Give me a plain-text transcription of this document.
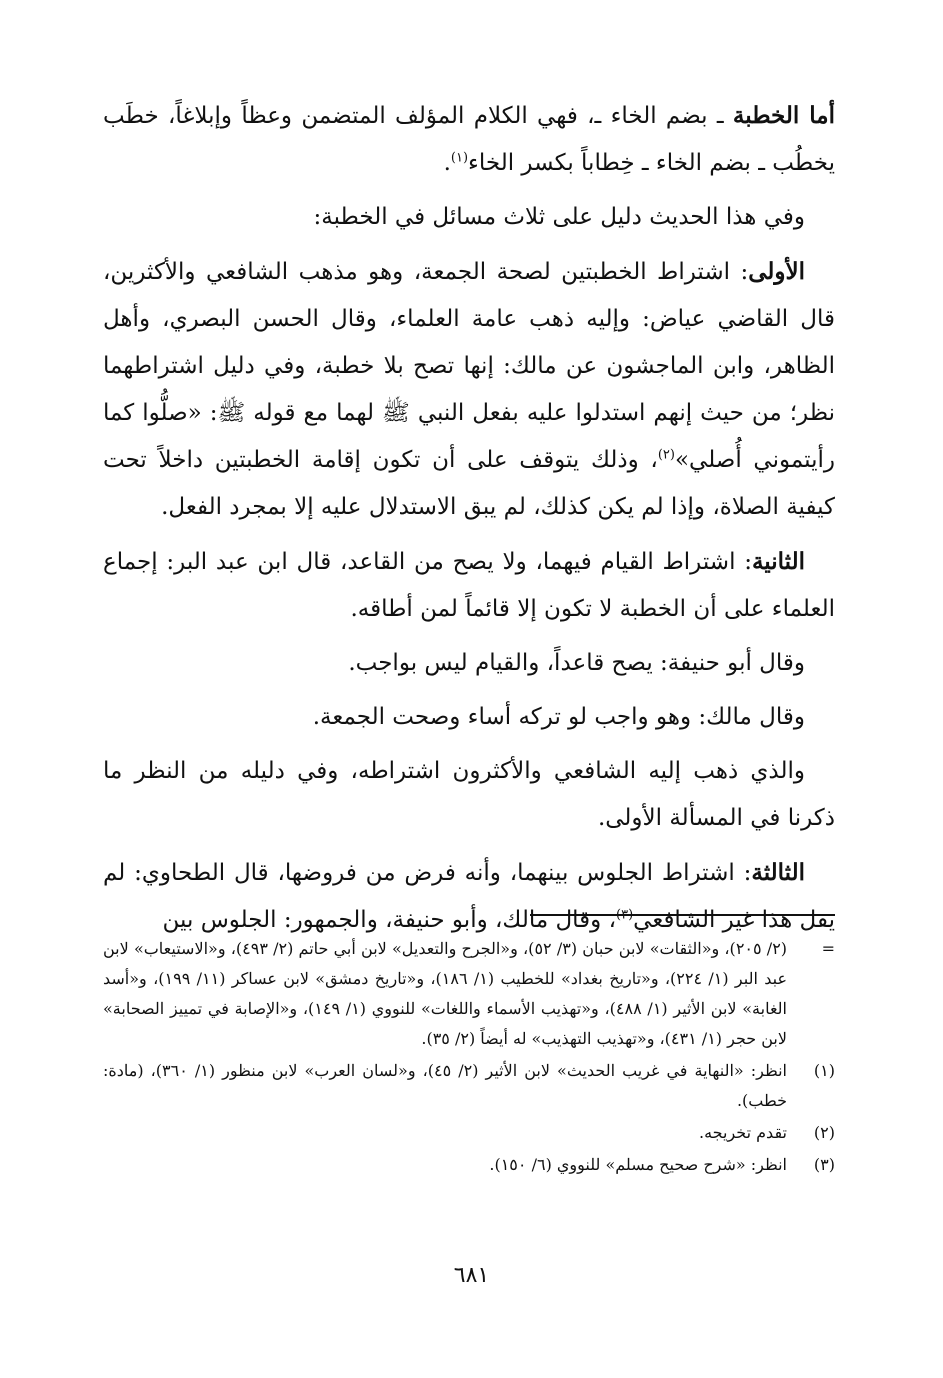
أما الخطبة ـ بضم الخاء ـ، فهي الكلام المؤلف المتضمن وعظاً وإبلاغاً، خطَب يخطُب ـ بضم الخاء ـ خِطاباً بكسر الخاء$^{(١)}$.

وفي هذا الحديث دليل على ثلاث مسائل في الخطبة:

الأولى: اشتراط الخطبتين لصحة الجمعة، وهو مذهب الشافعي والأكثرين، قال القاضي عياض: وإليه ذهب عامة العلماء، وقال الحسن البصري، وأهل الظاهر، وابن الماجشون عن مالك: إنها تصح بلا خطبة، وفي دليل اشتراطهما نظر؛ من حيث إنهم استدلوا عليه بفعل النبي ﷺ لهما مع قوله ﷺ: «صلُّوا كما رأيتموني أُصلي»$^{(٢)}$، وذلك يتوقف على أن تكون إقامة الخطبتين داخلاً تحت كيفية الصلاة، وإذا لم يكن كذلك، لم يبق الاستدلال عليه إلا بمجرد الفعل.

الثانية: اشتراط القيام فيهما، ولا يصح من القاعد، قال ابن عبد البر: إجماع العلماء على أن الخطبة لا تكون إلا قائماً لمن أطاقه.

وقال أبو حنيفة: يصح قاعداً، والقيام ليس بواجب.

وقال مالك: وهو واجب لو تركه أساء وصحت الجمعة.

والذي ذهب إليه الشافعي والأكثرون اشتراطه، وفي دليله من النظر ما ذكرنا في المسألة الأولى.

الثالثة: اشتراط الجلوس بينهما، وأنه فرض من فروضها، قال الطحاوي: لم يقل هذا غير الشافعي$^{(٣)}$، وقال مالك، وأبو حنيفة، والجمهور: الجلوس بين

=
(٢/ ٢٠٥)، و«الثقات» لابن حبان (٣/ ٥٢)، و«الجرح والتعديل» لابن أبي حاتم (٢/ ٤٩٣)، و«الاستيعاب» لابن عبد البر (١/ ٢٢٤)، و«تاريخ بغداد» للخطيب (١/ ١٨٦)، و«تاريخ دمشق» لابن عساكر (١١/ ١٩٩)، و«أسد الغابة» لابن الأثير (١/ ٤٨٨)، و«تهذيب الأسماء واللغات» للنووي (١/ ١٤٩)، و«الإصابة في تمييز الصحابة» لابن حجر (١/ ٤٣١)، و«تهذيب التهذيب» له أيضاً (٢/ ٣٥).
(١)
انظر: «النهاية في غريب الحديث» لابن الأثير (٢/ ٤٥)، و«لسان العرب» لابن منظور (١/ ٣٦٠)، (مادة: خطب).
(٢)
تقدم تخريجه.
(٣)
انظر: «شرح صحيح مسلم» للنووي (٦/ ١٥٠).
٦٨١
